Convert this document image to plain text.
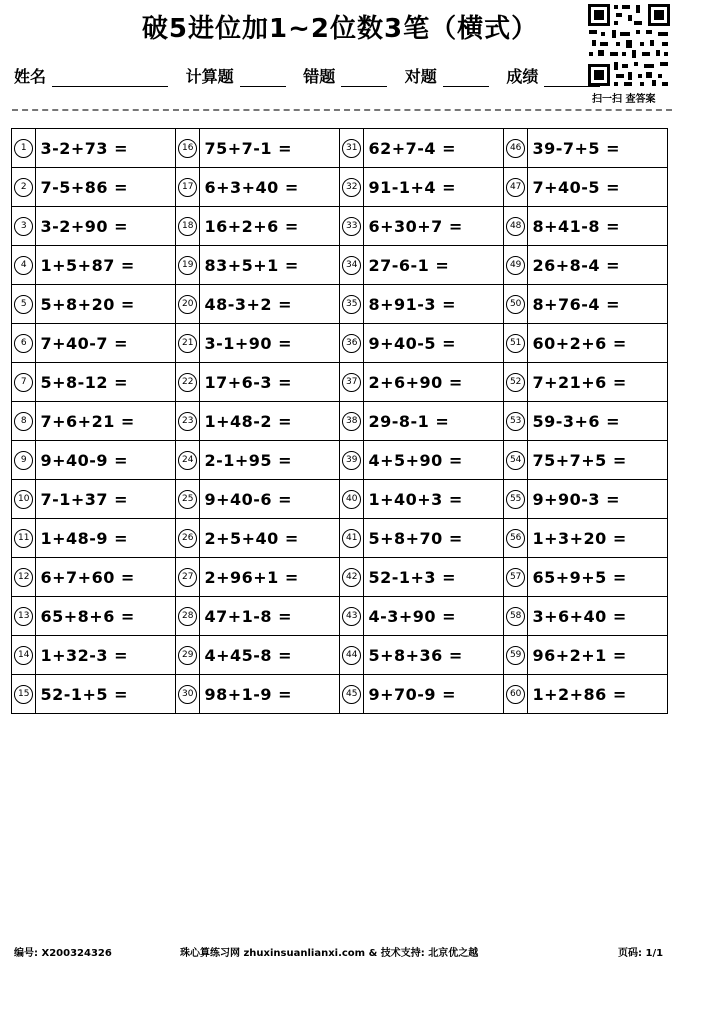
破5进位加1~2位数3笔（横式）
扫一扫 查答案
姓名	计算题	错题	对题	成绩
1	3-2+73 =	16	75+7-1 =	31	62+7-4 =	46	39-7+5 =
2	7-5+86 =	17	6+3+40 =	32	91-1+4 =	47	7+40-5 =
3	3-2+90 =	18	16+2+6 =	33	6+30+7 =	48	8+41-8 =
4	1+5+87 =	19	83+5+1 =	34	27-6-1 =	49	26+8-4 =
5	5+8+20 =	20	48-3+2 =	35	8+91-3 =	50	8+76-4 =
6	7+40-7 =	21	3-1+90 =	36	9+40-5 =	51	60+2+6 =
7	5+8-12 =	22	17+6-3 =	37	2+6+90 =	52	7+21+6 =
8	7+6+21 =	23	1+48-2 =	38	29-8-1 =	53	59-3+6 =
9	9+40-9 =	24	2-1+95 =	39	4+5+90 =	54	75+7+5 =
10	7-1+37 =	25	9+40-6 =	40	1+40+3 =	55	9+90-3 =
11	1+48-9 =	26	2+5+40 =	41	5+8+70 =	56	1+3+20 =
12	6+7+60 =	27	2+96+1 =	42	52-1+3 =	57	65+9+5 =
13	65+8+6 =	28	47+1-8 =	43	4-3+90 =	58	3+6+40 =
14	1+32-3 =	29	4+45-8 =	44	5+8+36 =	59	96+2+1 =
15	52-1+5 =	30	98+1-9 =	45	9+70-9 =	60	1+2+86 =
编号: X200324326	珠心算练习网 zhuxinsuanlianxi.com & 技术支持: 北京优之越	页码: 1/1
